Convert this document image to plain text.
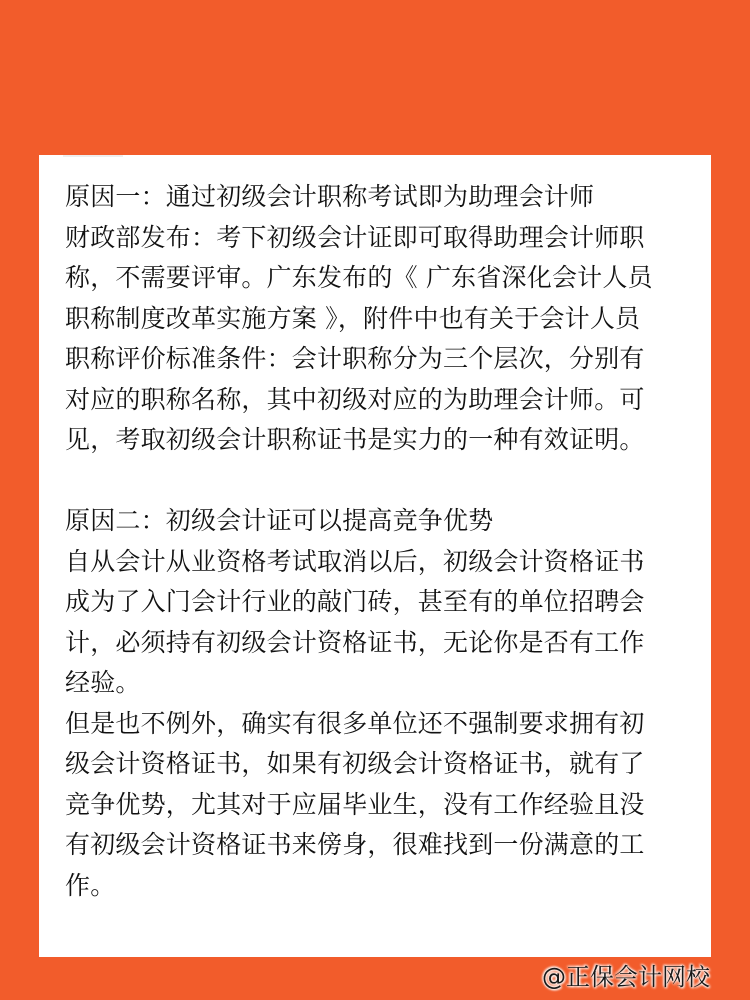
原因一：通过初级会计职称考试即为助理会计师
财政部发布：考下初级会计证即可取得助理会计师职
称，不需要评审。广东发布的《 广东省深化会计人员
职称制度改革实施方案 》，附件中也有关于会计人员
职称评价标准条件：会计职称分为三个层次，分别有
对应的职称名称，其中初级对应的为助理会计师。可
见，考取初级会计职称证书是实力的一种有效证明。
原因二：初级会计证可以提高竞争优势
自从会计从业资格考试取消以后，初级会计资格证书
成为了入门会计行业的敲门砖，甚至有的单位招聘会
计，必须持有初级会计资格证书，无论你是否有工作
经验。
但是也不例外，确实有很多单位还不强制要求拥有初
级会计资格证书，如果有初级会计资格证书，就有了
竞争优势，尤其对于应届毕业生，没有工作经验且没
有初级会计资格证书来傍身，很难找到一份满意的工
作。
@正保会计网校
